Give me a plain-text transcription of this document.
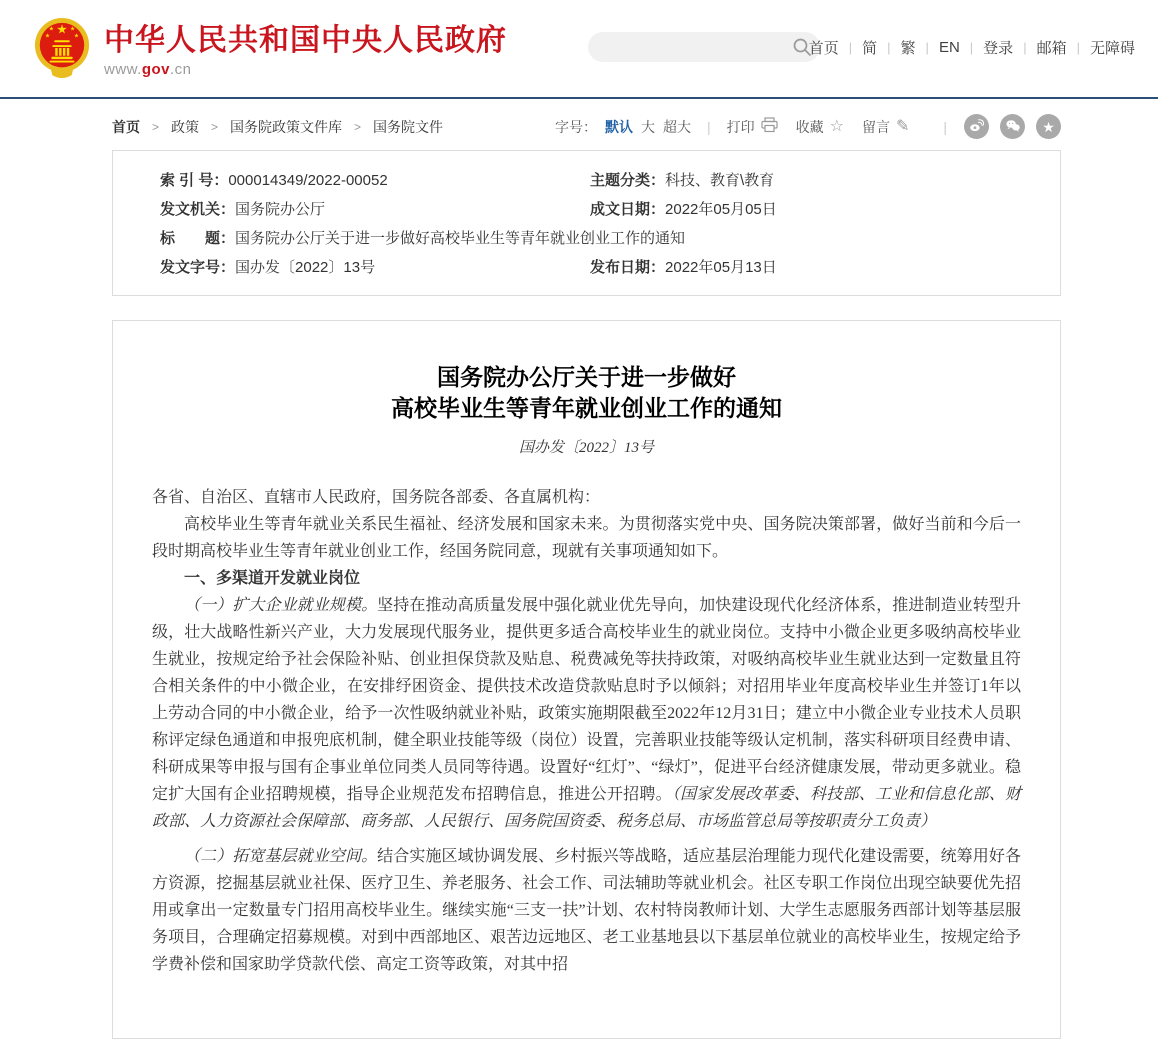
★
★	★
★	★ 中华人民共和国中央人民政府
www.gov.cn
首页 | 简 | 繁 | EN | 登录 | 邮箱 | 无障碍
首页 > 政策 > 国务院政策文件库 > 国务院文件	字号： 默认 大 超大 | 打印	收藏 ☆ 留言 ✎ |	★
索 引 号： 000014349/2022-00052	主题分类： 科技、教育\教育
发文机关： 国务院办公厅	成文日期： 2022年05月05日
标　　题： 国务院办公厅关于进一步做好高校毕业生等青年就业创业工作的通知
发文字号： 国办发〔2022〕13号	发布日期： 2022年05月13日
国务院办公厅关于进一步做好
高校毕业生等青年就业创业工作的通知
国办发〔2022〕13号

各省、自治区、直辖市人民政府，国务院各部委、各直属机构：

高校毕业生等青年就业关系民生福祉、经济发展和国家未来。为贯彻落实党中央、国务院决策部署，做好当前和今后一段时期高校毕业生等青年就业创业工作，经国务院同意，现就有关事项通知如下。

一、多渠道开发就业岗位

（一）扩大企业就业规模。坚持在推动高质量发展中强化就业优先导向，加快建设现代化经济体系，推进制造业转型升级，壮大战略性新兴产业，大力发展现代服务业，提供更多适合高校毕业生的就业岗位。支持中小微企业更多吸纳高校毕业生就业，按规定给予社会保险补贴、创业担保贷款及贴息、税费减免等扶持政策，对吸纳高校毕业生就业达到一定数量且符合相关条件的中小微企业，在安排纾困资金、提供技术改造贷款贴息时予以倾斜；对招用毕业年度高校毕业生并签订1年以上劳动合同的中小微企业，给予一次性吸纳就业补贴，政策实施期限截至2022年12月31日；建立中小微企业专业技术人员职称评定绿色通道和申报兜底机制，健全职业技能等级（岗位）设置，完善职业技能等级认定机制，落实科研项目经费申请、科研成果等申报与国有企事业单位同类人员同等待遇。设置好“红灯”、“绿灯”，促进平台经济健康发展，带动更多就业。稳定扩大国有企业招聘规模，指导企业规范发布招聘信息，推进公开招聘。（国家发展改革委、科技部、工业和信息化部、财政部、人力资源社会保障部、商务部、人民银行、国务院国资委、税务总局、市场监管总局等按职责分工负责）

（二）拓宽基层就业空间。结合实施区域协调发展、乡村振兴等战略，适应基层治理能力现代化建设需要，统筹用好各方资源，挖掘基层就业社保、医疗卫生、养老服务、社会工作、司法辅助等就业机会。社区专职工作岗位出现空缺要优先招用或拿出一定数量专门招用高校毕业生。继续实施“三支一扶”计划、农村特岗教师计划、大学生志愿服务西部计划等基层服务项目，合理确定招募规模。对到中西部地区、艰苦边远地区、老工业基地县以下基层单位就业的高校毕业生，按规定给予学费补偿和国家助学贷款代偿、高定工资等政策，对其中招
